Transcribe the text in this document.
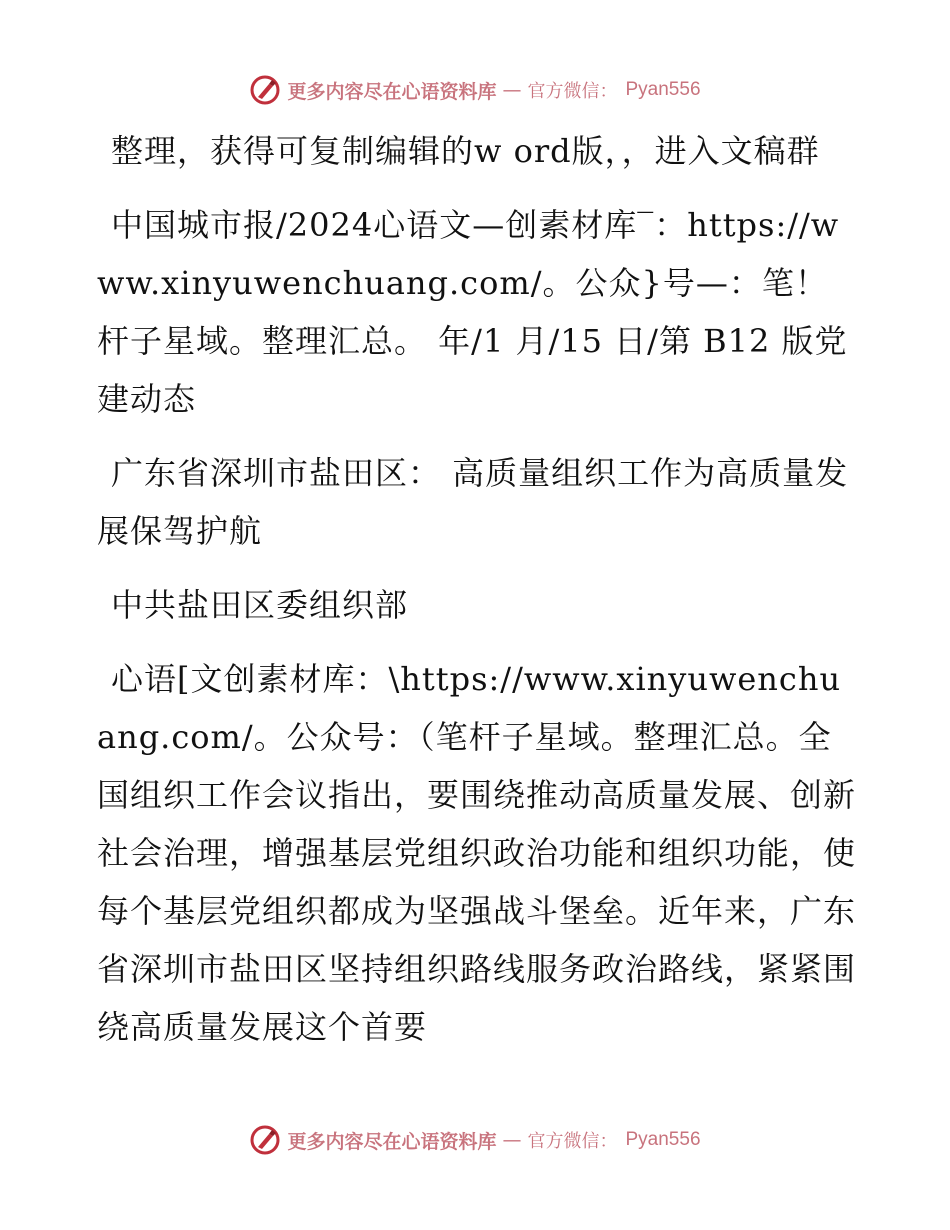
更多内容尽在心语资料库 — 官方微信： Pyan556

整理，获得可复制编辑的w ord版，，进入文稿群

中国城市报/2024心语文—创素材库‾：https://www.xinyuwenchuang.com/。公众}号—：笔！杆子星域。整理汇总。 年/1 月/15 日/第 B12 版党建动态

广东省深圳市盐田区： 高质量组织工作为高质量发展保驾护航

中共盐田区委组织部

心语[文创素材库：\https://www.xinyuwenchuang.com/。公众号：（笔杆子星域。整理汇总。全国组织工作会议指出，要围绕推动高质量发展、创新社会治理，增强基层党组织政治功能和组织功能，使每个基层党组织都成为坚强战斗堡垒。近年来，广东省深圳市盐田区坚持组织路线服务政治路线，紧紧围绕高质量发展这个首要

更多内容尽在心语资料库 — 官方微信： Pyan556
